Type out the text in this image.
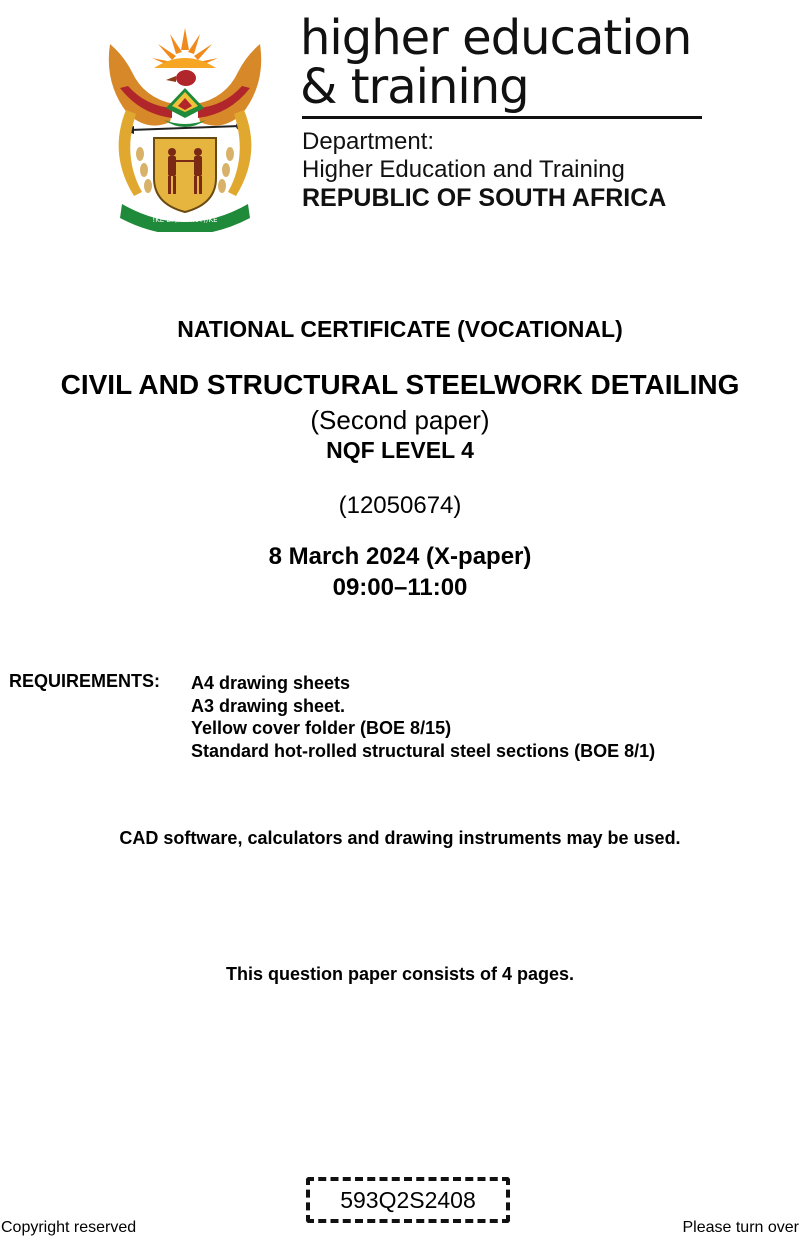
!KE E: /XARRA //KE
higher education
& training
Department:
Higher Education and Training
REPUBLIC OF SOUTH AFRICA
NATIONAL CERTIFICATE (VOCATIONAL)
CIVIL AND STRUCTURAL STEELWORK DETAILING
(Second paper)
NQF LEVEL 4
(12050674)
8 March 2024 (X-paper)
09:00–11:00
REQUIREMENTS: A4 drawing sheets
A3 drawing sheet.
Yellow cover folder (BOE 8/15)
Standard hot-rolled structural steel sections (BOE 8/1)
CAD software, calculators and drawing instruments may be used.
This question paper consists of 4 pages.
593Q2S2408
Copyright reserved	Please turn over
